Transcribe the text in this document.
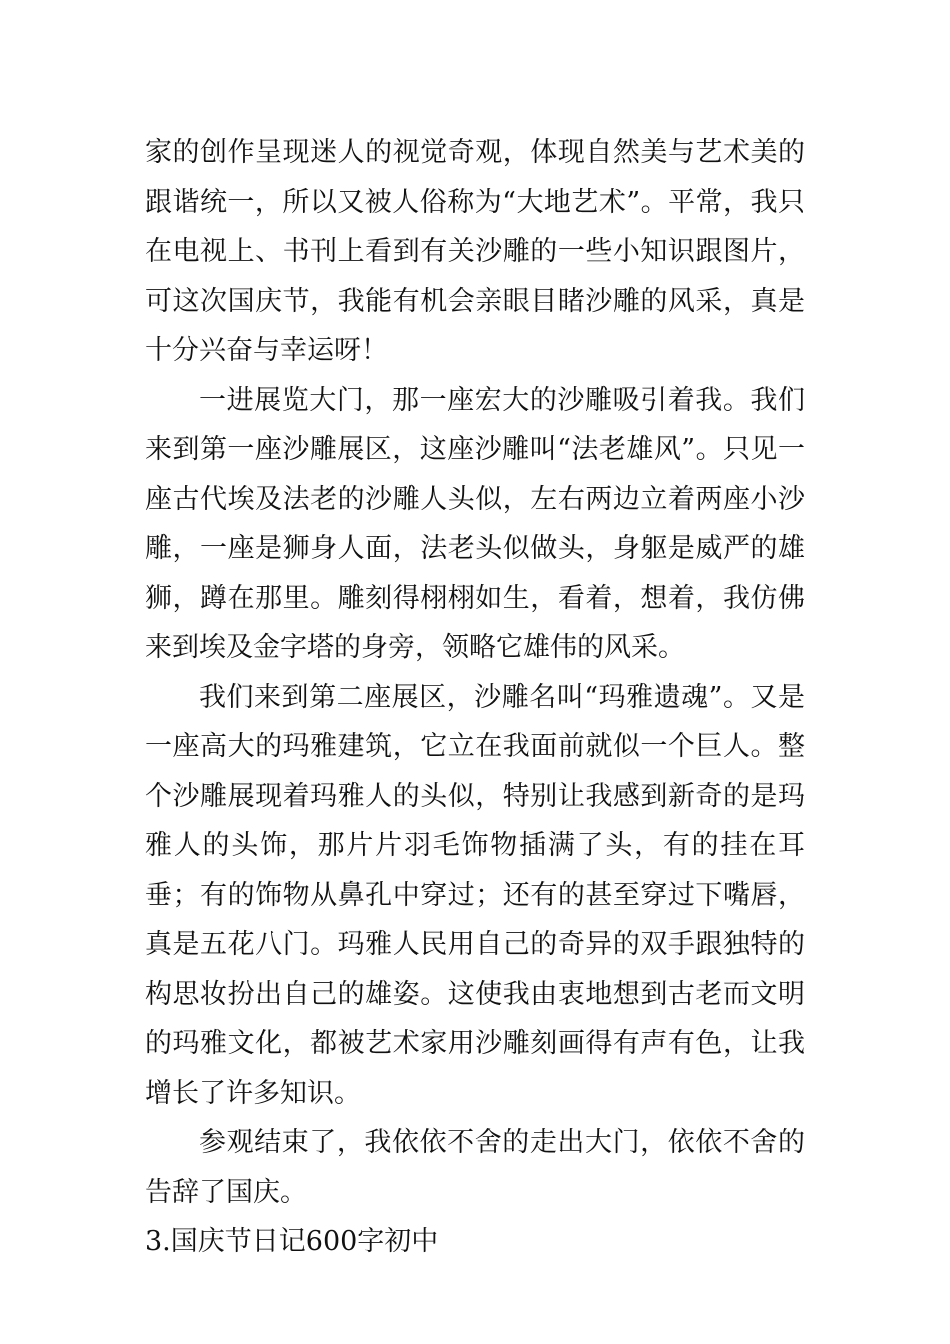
家的创作呈现迷人的视觉奇观，体现自然美与艺术美的跟谐统一，所以又被人俗称为“大地艺术”。平常，我只在电视上、书刊上看到有关沙雕的一些小知识跟图片，可这次国庆节，我能有机会亲眼目睹沙雕的风采，真是十分兴奋与幸运呀！

一进展览大门，那一座宏大的沙雕吸引着我。我们来到第一座沙雕展区，这座沙雕叫“法老雄风”。只见一座古代埃及法老的沙雕人头似，左右两边立着两座小沙雕，一座是狮身人面，法老头似做头，身躯是威严的雄狮，蹲在那里。雕刻得栩栩如生，看着，想着，我仿佛来到埃及金字塔的身旁，领略它雄伟的风采。

我们来到第二座展区，沙雕名叫“玛雅遗魂”。又是一座高大的玛雅建筑，它立在我面前就似一个巨人。整个沙雕展现着玛雅人的头似，特别让我感到新奇的是玛雅人的头饰，那片片羽毛饰物插满了头，有的挂在耳垂；有的饰物从鼻孔中穿过；还有的甚至穿过下嘴唇，真是五花八门。玛雅人民用自己的奇异的双手跟独特的构思妆扮出自己的雄姿。这使我由衷地想到古老而文明的玛雅文化，都被艺术家用沙雕刻画得有声有色，让我增长了许多知识。

参观结束了，我依依不舍的走出大门，依依不舍的告辞了国庆。

3.国庆节日记600字初中
